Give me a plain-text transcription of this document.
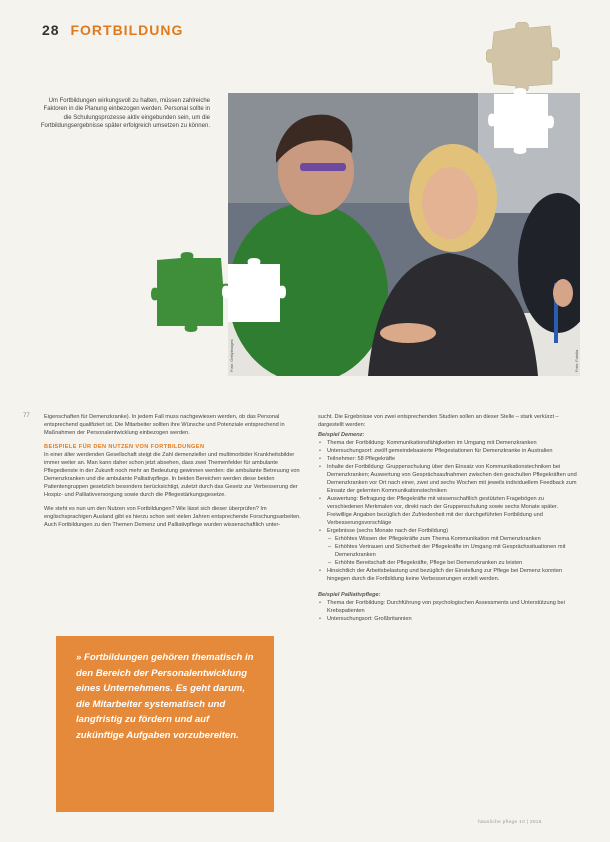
28 FORTBILDUNG
Um Fortbildungen wirkungsvoll zu halten, müssen zahlreiche Faktoren in die Planung einbezogen werden. Personal sollte in die Schulungsprozesse aktiv eingebunden sein, um die Fortbildungsergebnisse später erfolgreich umsetzen zu können.
Foto: Gettyimages	Foto: Fotolia
77	Eigenschaften für Demenzkranke). In jedem Fall muss nachgewiesen werden, ob das Personal entsprechend qualifiziert ist. Die Mitarbeiter sollten ihre Wünsche und Potenziale entsprechend in Maßnahmen der Personalentwicklung einbezogen werden.

BEISPIELE FÜR DEN NUTZEN VON FORTBILDUNGEN

In einer älter werdenden Gesellschaft steigt die Zahl demenzieller und multimorbider Krankheitsbilder immer weiter an. Man kann daher schon jetzt absehen, dass zwei Themenfelder für ambulante Pflegedienste in der Zukunft noch mehr an Bedeutung gewinnen werden: die ambulante Betreuung von Demenzkranken und die ambulante Palliativpflege. In beiden Bereichen werden diese beiden Patientengruppen gesetzlich besonders berücksichtigt, zuletzt durch das Gesetz zur Verbesserung der Hospiz- und Palliativversorgung sowie durch die Pflegestärkungsgesetze.

Wie steht es nun um den Nutzen von Fortbildungen? Wie lässt sich dieser überprüfen? Im englischsprachigen Ausland gibt es hierzu schon seit vielen Jahren entsprechende Forschungsarbeiten. Auch Fortbildungen zu den Themen Demenz und Palliativpflege wurden wissenschaftlich unter-

» Fortbildungen gehören thematisch in den Bereich der Personalentwicklung eines Unternehmens. Es geht darum, die Mitarbeiter systematisch und langfristig zu fördern und auf zukünftige Aufgaben vorzubereiten.

sucht. Die Ergebnisse von zwei entsprechenden Studien sollen an dieser Stelle – stark verkürzt – dargestellt werden:

Beispiel Demenz:
• Thema der Fortbildung: Kommunikationsfähigkeiten im Umgang mit Demenzkranken
• Untersuchungsort: zwölf gemeindebasierte Pflegestationen für Demenzkranke in Australien
• Teilnehmer: 58 Pflegekräfte
• Inhalte der Fortbildung: Gruppenschulung über den Einsatz von Kommunikationstechniken bei Demenzkranken; Auswertung von Gesprächsaufnahmen zwischen den geschulten Pflegekräften und Demenzkranken vor Ort nach einer, zwei und sechs Wochen mit jeweils individuellem Feedback zum Einsatz der gelernten Kommunikationstechniken
• Auswertung: Befragung der Pflegekräfte mit wissenschaftlich gestützten Fragebögen zu verschiedenen Merkmalen vor, direkt nach der Gruppenschulung sowie sechs Monate später. Freiwillige Angaben bezüglich der Zufriedenheit mit der durchgeführten Fortbildung und Verbesserungsvorschläge
• Ergebnisse (sechs Monate nach der Fortbildung)
– Erhöhtes Wissen der Pflegekräfte zum Thema Kommunikation mit Demenzkranken
– Erhöhtes Vertrauen und Sicherheit der Pflegekräfte im Umgang mit Gesprächssituationen mit Demenzkranken
– Erhöhte Bereitschaft der Pflegekräfte, Pflege bei Demenzkranken zu leisten
• Hinsichtlich der Arbeitsbelastung und bezüglich der Einstellung zur Pflege bei Demenz konnten hingegen durch die Fortbildung keine Verbesserungen erzielt werden.
Beispiel Palliativpflege:
• Thema der Fortbildung: Durchführung von psychologischen Assessments und Unterstützung bei Krebspatienten
• Untersuchungsort: Großbritannien
häusliche pflege 10 | 2016
